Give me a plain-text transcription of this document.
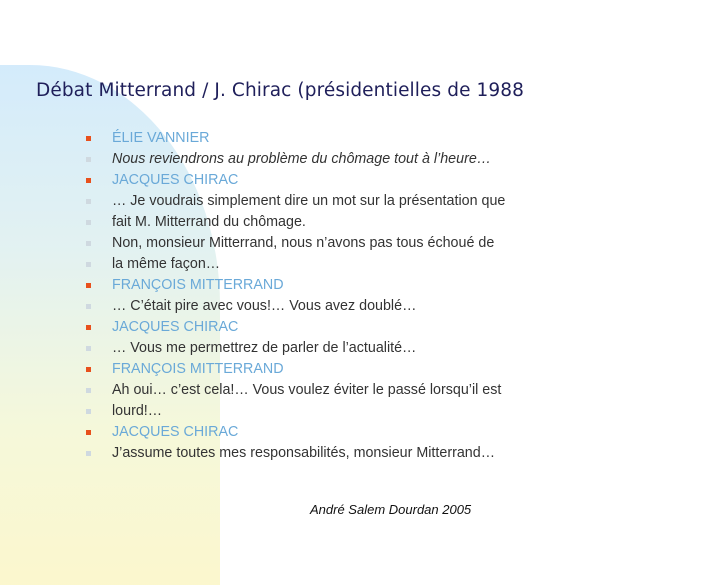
Débat Mitterrand / J. Chirac (présidentielles de 1988
ÉLIE VANNIER
Nous reviendrons au problème du chômage tout à l’heure…
JACQUES CHIRAC
… Je voudrais simplement dire un mot sur la présentation que
fait M. Mitterrand du chômage.
Non, monsieur Mitterrand, nous n’avons pas tous échoué de
la même façon…
FRANÇOIS MITTERRAND
… C’était pire avec vous!… Vous avez doublé…
JACQUES CHIRAC
… Vous me permettrez de parler de l’actualité…
FRANÇOIS MITTERRAND
Ah oui… c’est cela!… Vous voulez éviter le passé lorsqu’il est
lourd!…
JACQUES CHIRAC
J’assume toutes mes responsabilités, monsieur Mitterrand…
André Salem Dourdan 2005
